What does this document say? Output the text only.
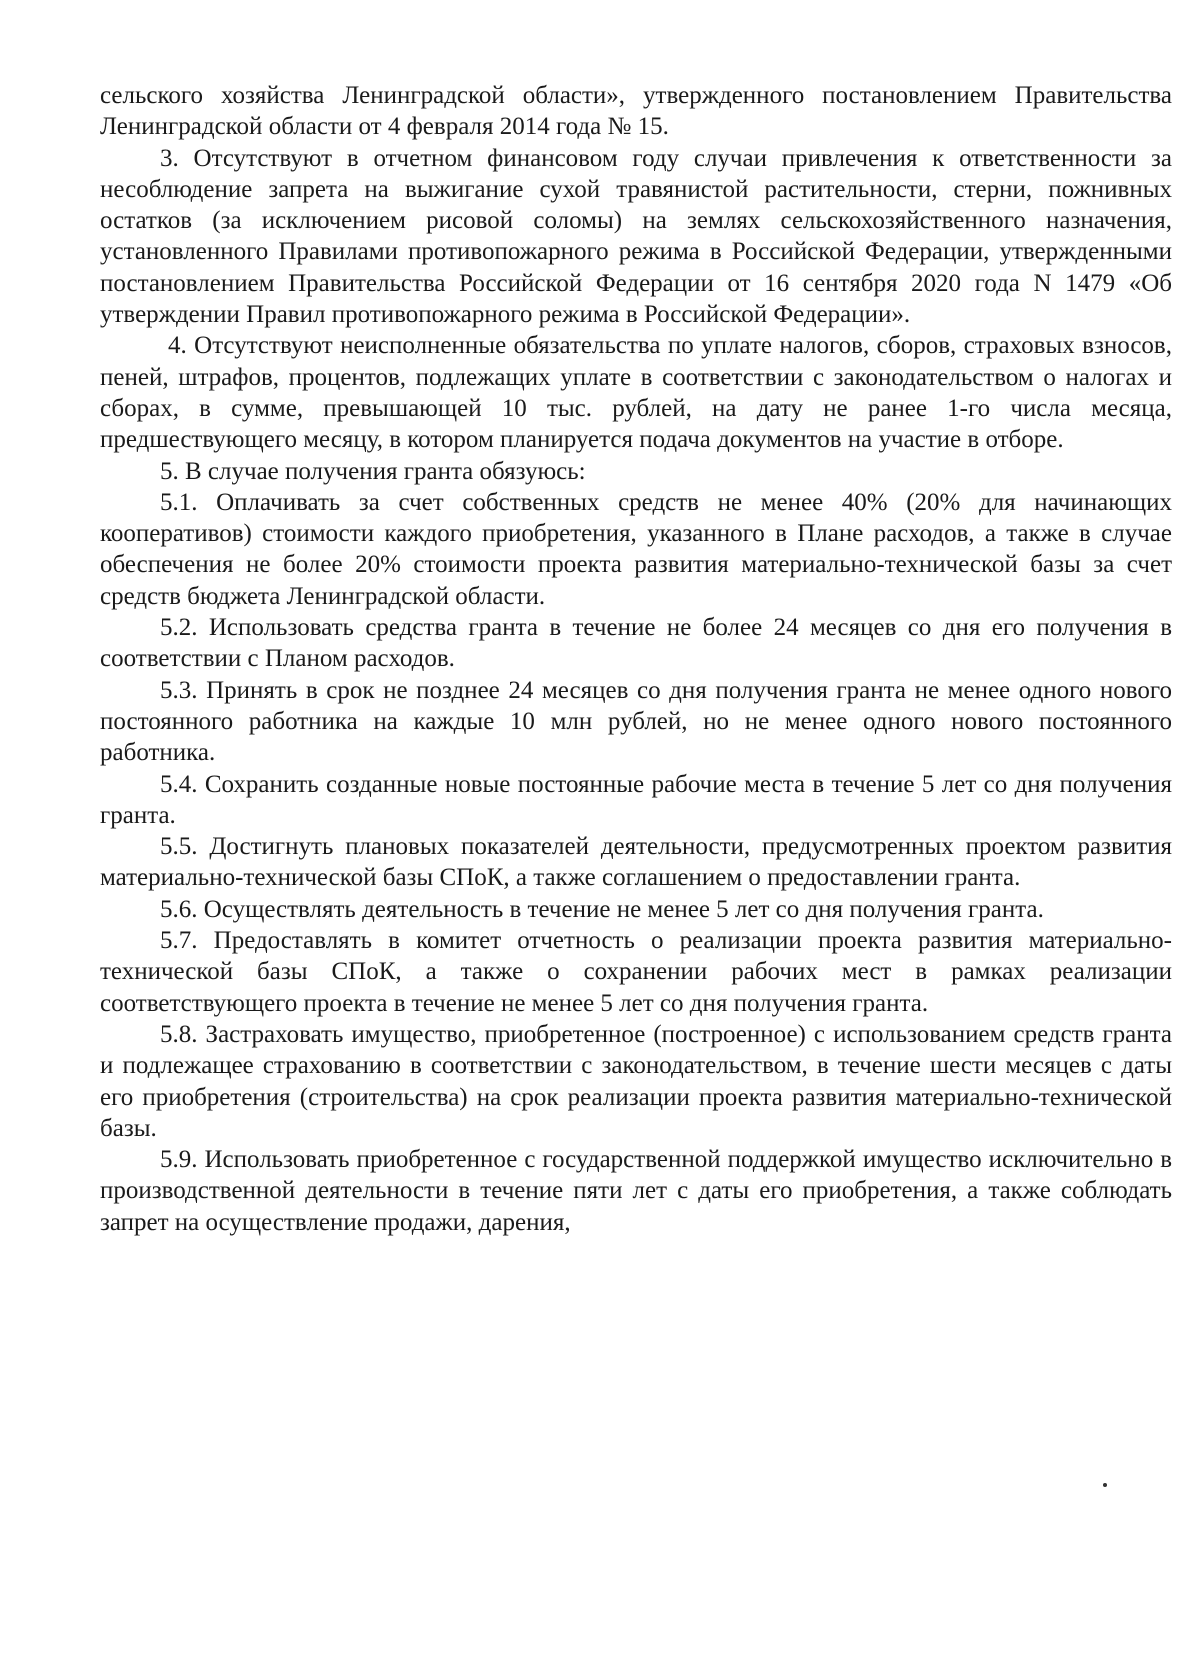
сельского хозяйства Ленинградской области», утвержденного постановлением Правительства Ленинградской области от 4 февраля 2014 года № 15.

3. Отсутствуют в отчетном финансовом году случаи привлечения к ответственности за несоблюдение запрета на выжигание сухой травянистой растительности, стерни, пожнивных остатков (за исключением рисовой соломы) на землях сельскохозяйственного назначения, установленного Правилами противопожарного режима в Российской Федерации, утвержденными постановлением Правительства Российской Федерации от 16 сентября 2020 года N 1479 «Об утверждении Правил противопожарного режима в Российской Федерации».

4. Отсутствуют неисполненные обязательства по уплате налогов, сборов, страховых взносов, пеней, штрафов, процентов, подлежащих уплате в соответствии с законодательством о налогах и сборах, в сумме, превышающей 10 тыс. рублей, на дату не ранее 1-го числа месяца, предшествующего месяцу, в котором планируется подача документов на участие в отборе.

5. В случае получения гранта обязуюсь:

5.1. Оплачивать за счет собственных средств не менее 40% (20% для начинающих кооперативов) стоимости каждого приобретения, указанного в Плане расходов, а также в случае обеспечения не более 20% стоимости проекта развития материально-технической базы за счет средств бюджета Ленинградской области.

5.2. Использовать средства гранта в течение не более 24 месяцев со дня его получения в соответствии с Планом расходов.

5.3. Принять в срок не позднее 24 месяцев со дня получения гранта не менее одного нового постоянного работника на каждые 10 млн рублей, но не менее одного нового постоянного работника.

5.4. Сохранить созданные новые постоянные рабочие места в течение 5 лет со дня получения гранта.

5.5. Достигнуть плановых показателей деятельности, предусмотренных проектом развития материально-технической базы СПоК, а также соглашением о предоставлении гранта.

5.6. Осуществлять деятельность в течение не менее 5 лет со дня получения гранта.

5.7. Предоставлять в комитет отчетность о реализации проекта развития материально-технической базы СПоК, а также о сохранении рабочих мест в рамках реализации соответствующего проекта в течение не менее 5 лет со дня получения гранта.

5.8. Застраховать имущество, приобретенное (построенное) с использованием средств гранта и подлежащее страхованию в соответствии с законодательством, в течение шести месяцев с даты его приобретения (строительства) на срок реализации проекта развития материально-технической базы.

5.9. Использовать приобретенное с государственной поддержкой имущество исключительно в производственной деятельности в течение пяти лет с даты его приобретения, а также соблюдать запрет на осуществление продажи, дарения,
